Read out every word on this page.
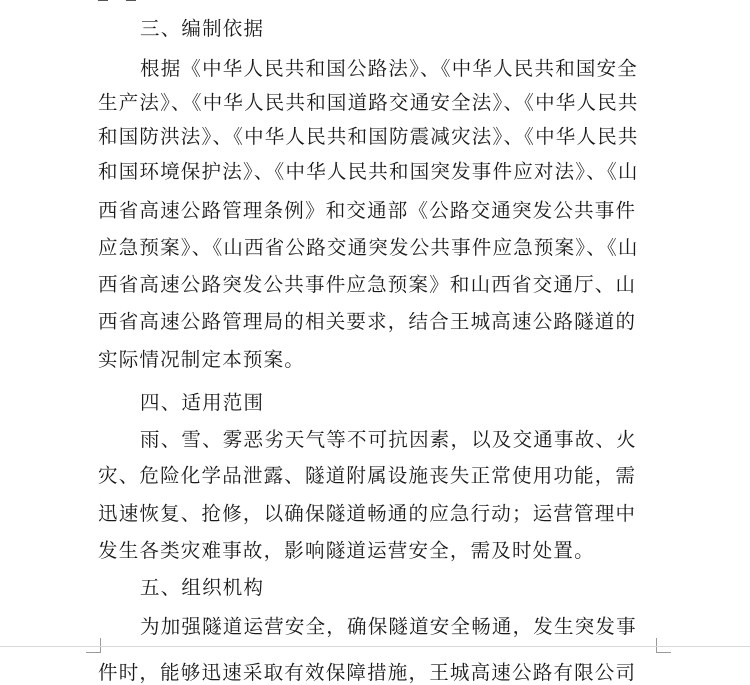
三、编制依据
根据《中华人民共和国公路法》、《中华人民共和国安全
生产法》、《中华人民共和国道路交通安全法》、《中华人民共
和国防洪法》、《中华人民共和国防震减灾法》、《中华人民共
和国环境保护法》、《中华人民共和国突发事件应对法》、《山
西省高速公路管理条例》和交通部《公路交通突发公共事件
应急预案》、《山西省公路交通突发公共事件应急预案》、《山
西省高速公路突发公共事件应急预案》和山西省交通厅、山
西省高速公路管理局的相关要求，结合王城高速公路隧道的
实际情况制定本预案。
四、适用范围
雨、雪、雾恶劣天气等不可抗因素，以及交通事故、火
灾、危险化学品泄露、隧道附属设施丧失正常使用功能，需
迅速恢复、抢修，以确保隧道畅通的应急行动；运营管理中
发生各类灾难事故，影响隧道运营安全，需及时处置。
五、组织机构
为加强隧道运营安全，确保隧道安全畅通，发生突发事
件时，能够迅速采取有效保障措施，王城高速公路有限公司
